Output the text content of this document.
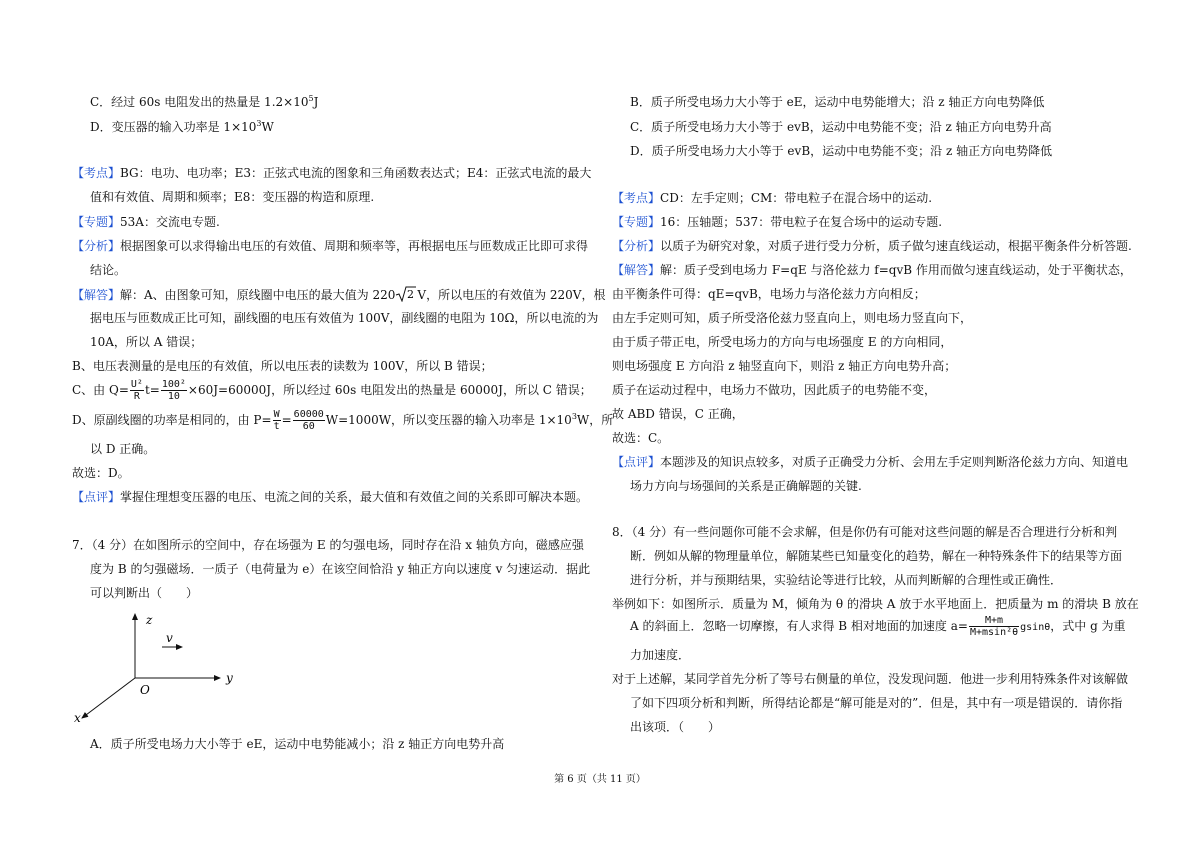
C．经过 60s 电阻发出的热量是 $1.2\times 10^5J$
D．变压器的输入功率是 $1\times 10^3W$
【考点】BG：电功、电功率；E3：正弦式电流的图象和三角函数表达式；E4：正弦式电流的最大
值和有效值、周期和频率；E8：变压器的构造和原理.
【专题】53A：交流电专题.
【分析】根据图象可以求得输出电压的有效值、周期和频率等，再根据电压与匝数成正比即可求得
结论。
【解答】解：A、由图象可知，原线圈中电压的最大值为 220 2 V，所以电压的有效值为 220V，根
据电压与匝数成正比可知，副线圈的电压有效值为 100V，副线圈的电阻为 10Ω，所以电流的为
10A，所以 A 错误；
B、电压表测量的是电压的有效值，所以电压表的读数为 100V，所以 B 错误；
C、由 $Q= \frac{\text{U²}}{R} t= \frac{\text{100²}}{10} \times 60J=60000J$，所以经过 60s 电阻发出的热量是 60000J，所以 C 错误；
D、原副线圈的功率是相同的，由 $P= \frac{W}{t} = \frac{60000}{60} W=1000W$，所以变压器的输入功率是 $1\times 10^3W$，所
以 D 正确。
故选：D。
【点评】掌握住理想变压器的电压、电流之间的关系，最大值和有效值之间的关系即可解决本题。
7．（4 分）在如图所示的空间中，存在场强为 E 的匀强电场，同时存在沿 x 轴负方向，磁感应强
度为 B 的匀强磁场．一质子（电荷量为 e）在该空间恰沿 y 轴正方向以速度 v 匀速运动．据此
可以判断出（　　）
A．质子所受电场力大小等于 eE，运动中电势能减小；沿 z 轴正方向电势升高
z
v
y
O
x
B．质子所受电场力大小等于 eE，运动中电势能增大；沿 z 轴正方向电势降低
C．质子所受电场力大小等于 evB，运动中电势能不变；沿 z 轴正方向电势升高
D．质子所受电场力大小等于 evB，运动中电势能不变；沿 z 轴正方向电势降低
【考点】CD：左手定则；CM：带电粒子在混合场中的运动.
【专题】16：压轴题；537：带电粒子在复合场中的运动专题.
【分析】以质子为研究对象，对质子进行受力分析，质子做匀速直线运动，根据平衡条件分析答题.
【解答】解：质子受到电场力 F=qE 与洛伦兹力 f=qvB 作用而做匀速直线运动，处于平衡状态，
由平衡条件可得：qE=qvB，电场力与洛伦兹力方向相反；
由左手定则可知，质子所受洛伦兹力竖直向上，则电场力竖直向下，
由于质子带正电，所受电场力的方向与电场强度 E 的方向相同，
则电场强度 E 方向沿 z 轴竖直向下，则沿 z 轴正方向电势升高；
质子在运动过程中，电场力不做功，因此质子的电势能不变，
故 ABD 错误，C 正确，
故选：C。
【点评】本题涉及的知识点较多，对质子正确受力分析、会用左手定则判断洛伦兹力方向、知道电
场力方向与场强间的关系是正确解题的关键.
8．（4 分）有一些问题你可能不会求解，但是你仍有可能对这些问题的解是否合理进行分析和判
断．例如从解的物理量单位，解随某些已知量变化的趋势，解在一种特殊条件下的结果等方面
进行分析，并与预期结果，实验结论等进行比较，从而判断解的合理性或正确性．
举例如下：如图所示．质量为 M，倾角为 θ 的滑块 A 放于水平地面上．把质量为 m 的滑块 B 放在
A 的斜面上．忽略一切摩擦，有人求得 B 相对地面的加速度 $a= \frac{M+m}{\text{M+msin²θ}}$ gsinθ，式中 g 为重
力加速度．
对于上述解，某同学首先分析了等号右侧量的单位，没发现问题．他进一步利用特殊条件对该解做
了如下四项分析和判断，所得结论都是“解可能是对的”．但是，其中有一项是错误的．请你指
出该项．（　　）
第 6 页（共 11 页）
